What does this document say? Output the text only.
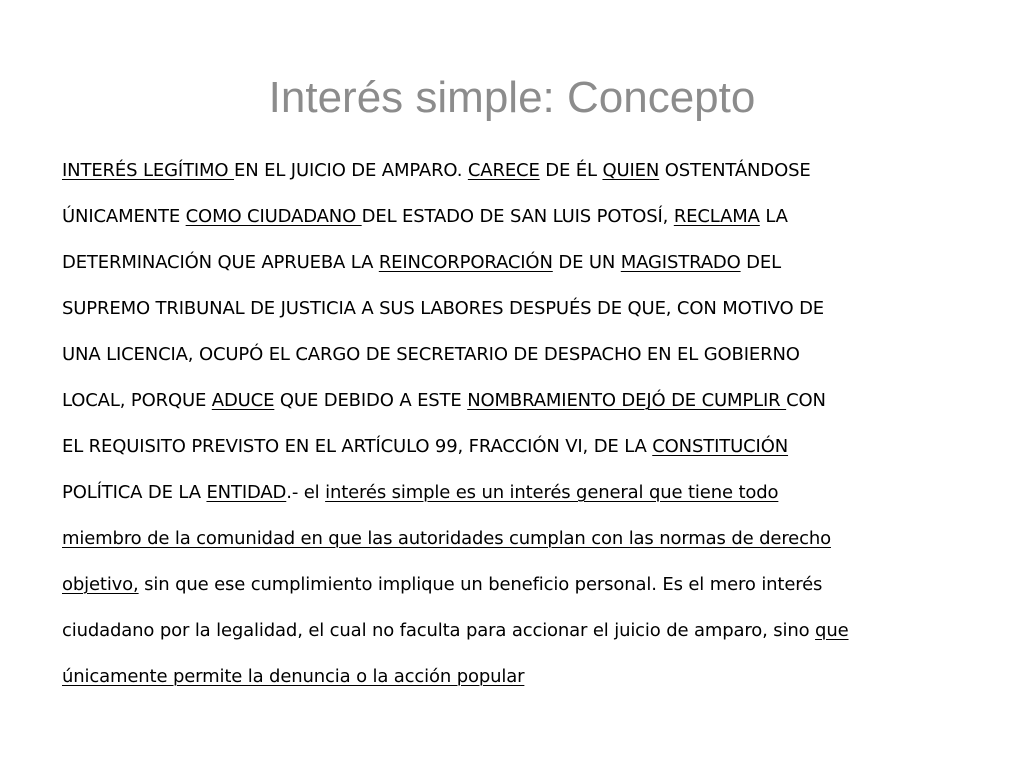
Interés simple: Concepto
INTERÉS LEGÍTIMO EN EL JUICIO DE AMPARO. CARECE DE ÉL QUIEN OSTENTÁNDOSE
ÚNICAMENTE COMO CIUDADANO DEL ESTADO DE SAN LUIS POTOSÍ, RECLAMA LA
DETERMINACIÓN QUE APRUEBA LA REINCORPORACIÓN DE UN MAGISTRADO DEL
SUPREMO TRIBUNAL DE JUSTICIA A SUS LABORES DESPUÉS DE QUE, CON MOTIVO DE
UNA LICENCIA, OCUPÓ EL CARGO DE SECRETARIO DE DESPACHO EN EL GOBIERNO
LOCAL, PORQUE ADUCE QUE DEBIDO A ESTE NOMBRAMIENTO DEJÓ DE CUMPLIR CON
EL REQUISITO PREVISTO EN EL ARTÍCULO 99, FRACCIÓN VI, DE LA CONSTITUCIÓN
POLÍTICA DE LA ENTIDAD.- el interés simple es un interés general que tiene todo
miembro de la comunidad en que las autoridades cumplan con las normas de derecho
objetivo, sin que ese cumplimiento implique un beneficio personal. Es el mero interés
ciudadano por la legalidad, el cual no faculta para accionar el juicio de amparo, sino que
únicamente permite la denuncia o la acción popular
